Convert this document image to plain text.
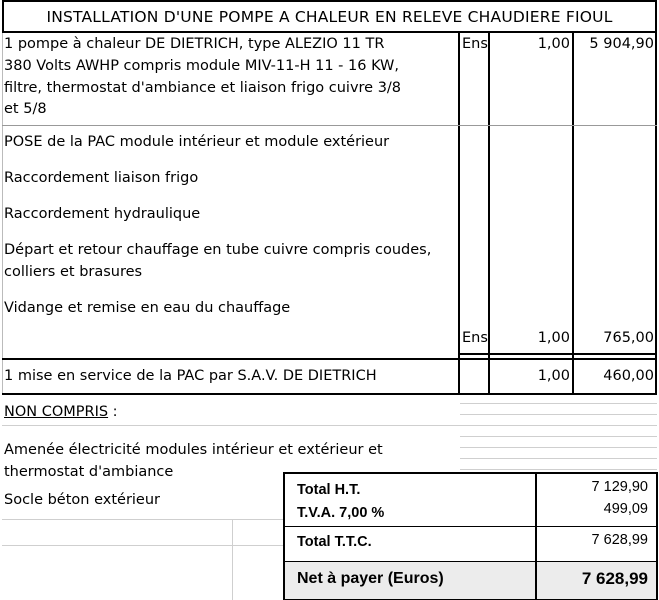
INSTALLATION D'UNE POMPE A CHALEUR EN RELEVE CHAUDIERE FIOUL
1 pompe à chaleur DE DIETRICH, type ALEZIO 11 TR
380 Volts AWHP compris module MIV-11-H 11 - 16 KW,
filtre, thermostat d'ambiance et liaison frigo cuivre 3/8
et 5/8
Ens	1,00	5 904,90
POSE de la PAC module intérieur et module extérieur
Raccordement liaison frigo
Raccordement hydraulique
Départ et retour chauffage en tube cuivre compris coudes,
colliers et brasures
Vidange et remise en eau du chauffage
Ens	1,00	765,00
1 mise en service de la PAC par S.A.V. DE DIETRICH	1,00	460,00
NON COMPRIS :
Amenée électricité modules intérieur et extérieur et
thermostat d'ambiance
Socle béton extérieur
Total H.T.	7 129,90
T.V.A. 7,00 %	499,09
Total T.T.C.	7 628,99
Net à payer (Euros)	7 628,99
